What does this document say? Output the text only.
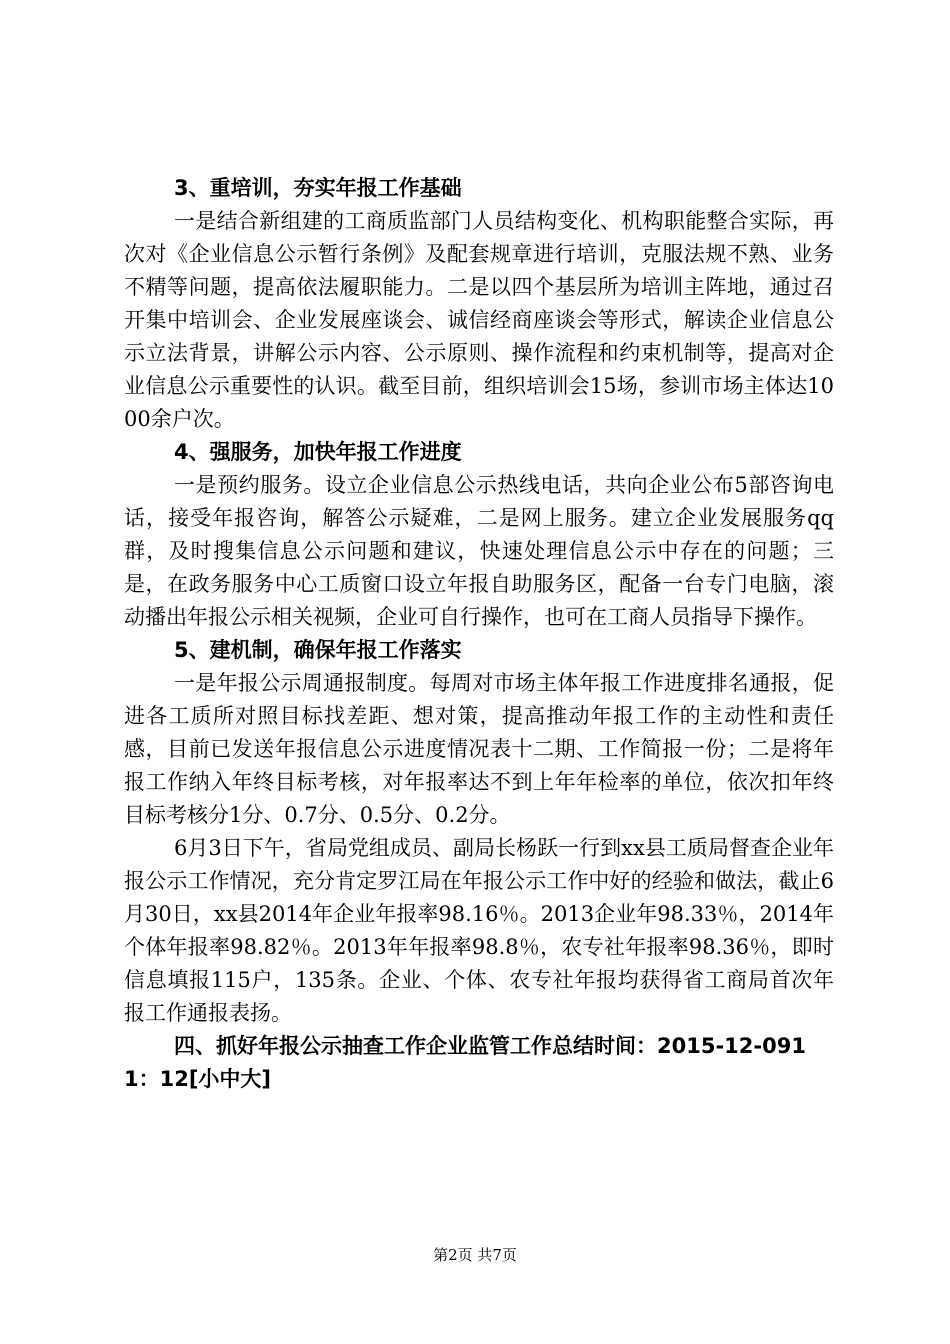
3、重培训，夯实年报工作基础

一是结合新组建的工商质监部门人员结构变化、机构职能整合实际，再次对《企业信息公示暂行条例》及配套规章进行培训，克服法规不熟、业务不精等问题，提高依法履职能力。二是以四个基层所为培训主阵地，通过召开集中培训会、企业发展座谈会、诚信经商座谈会等形式，解读企业信息公示立法背景，讲解公示内容、公示原则、操作流程和约束机制等，提高对企业信息公示重要性的认识。截至目前，组织培训会15场，参训市场主体达1000余户次。

4、强服务，加快年报工作进度

一是预约服务。设立企业信息公示热线电话，共向企业公布5部咨询电话，接受年报咨询，解答公示疑难，二是网上服务。建立企业发展服务qq群，及时搜集信息公示问题和建议，快速处理信息公示中存在的问题；三是，在政务服务中心工质窗口设立年报自助服务区，配备一台专门电脑，滚动播出年报公示相关视频，企业可自行操作，也可在工商人员指导下操作。

5、建机制，确保年报工作落实

一是年报公示周通报制度。每周对市场主体年报工作进度排名通报，促进各工质所对照目标找差距、想对策，提高推动年报工作的主动性和责任感，目前已发送年报信息公示进度情况表十二期、工作简报一份；二是将年报工作纳入年终目标考核，对年报率达不到上年年检率的单位，依次扣年终目标考核分1分、0.7分、0.5分、0.2分。

6月3日下午，省局党组成员、副局长杨跃一行到xx县工质局督查企业年报公示工作情况，充分肯定罗江局在年报公示工作中好的经验和做法，截止6月30日，xx县2014年企业年报率98.16％。2013企业年98.33％，2014年个体年报率98.82％。2013年年报率98.8％，农专社年报率98.36％，即时信息填报115户，135条。企业、个体、农专社年报均获得省工商局首次年报工作通报表扬。

四、抓好年报公示抽查工作企业监管工作总结时间：2015-12-0911：12[小中大]

第2页 共7页
